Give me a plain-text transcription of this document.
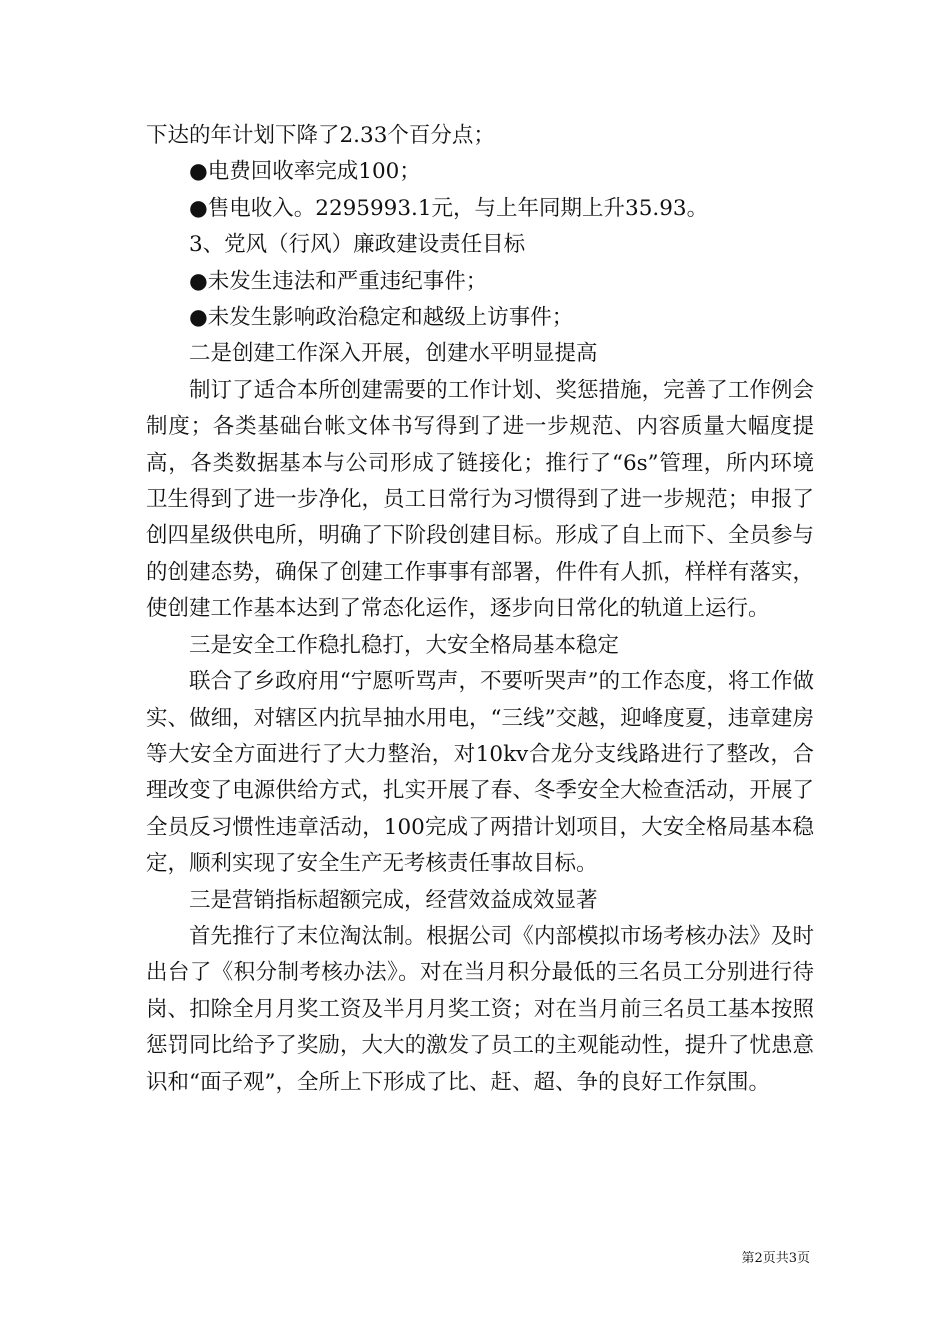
下达的年计划下降了2.33个百分点；

●电费回收率完成100；

●售电收入。2295993.1元，与上年同期上升35.93。

3、党风（行风）廉政建设责任目标

●未发生违法和严重违纪事件；

●未发生影响政治稳定和越级上访事件；

二是创建工作深入开展，创建水平明显提高

制订了适合本所创建需要的工作计划、奖惩措施，完善了工作例会制度；各类基础台帐文体书写得到了进一步规范、内容质量大幅度提高，各类数据基本与公司形成了链接化；推行了“6s”管理，所内环境卫生得到了进一步净化，员工日常行为习惯得到了进一步规范；申报了创四星级供电所，明确了下阶段创建目标。形成了自上而下、全员参与的创建态势，确保了创建工作事事有部署，件件有人抓，样样有落实，使创建工作基本达到了常态化运作，逐步向日常化的轨道上运行。

三是安全工作稳扎稳打，大安全格局基本稳定

联合了乡政府用“宁愿听骂声，不要听哭声”的工作态度，将工作做实、做细，对辖区内抗旱抽水用电，“三线”交越，迎峰度夏，违章建房等大安全方面进行了大力整治，对10kv合龙分支线路进行了整改，合理改变了电源供给方式，扎实开展了春、冬季安全大检查活动，开展了全员反习惯性违章活动，100完成了两措计划项目，大安全格局基本稳定，顺利实现了安全生产无考核责任事故目标。

三是营销指标超额完成，经营效益成效显著

首先推行了末位淘汰制。根据公司《内部模拟市场考核办法》及时出台了《积分制考核办法》。对在当月积分最低的三名员工分别进行待岗、扣除全月月奖工资及半月月奖工资；对在当月前三名员工基本按照惩罚同比给予了奖励，大大的激发了员工的主观能动性，提升了忧患意识和“面子观”，全所上下形成了比、赶、超、争的良好工作氛围。

第2页共3页
